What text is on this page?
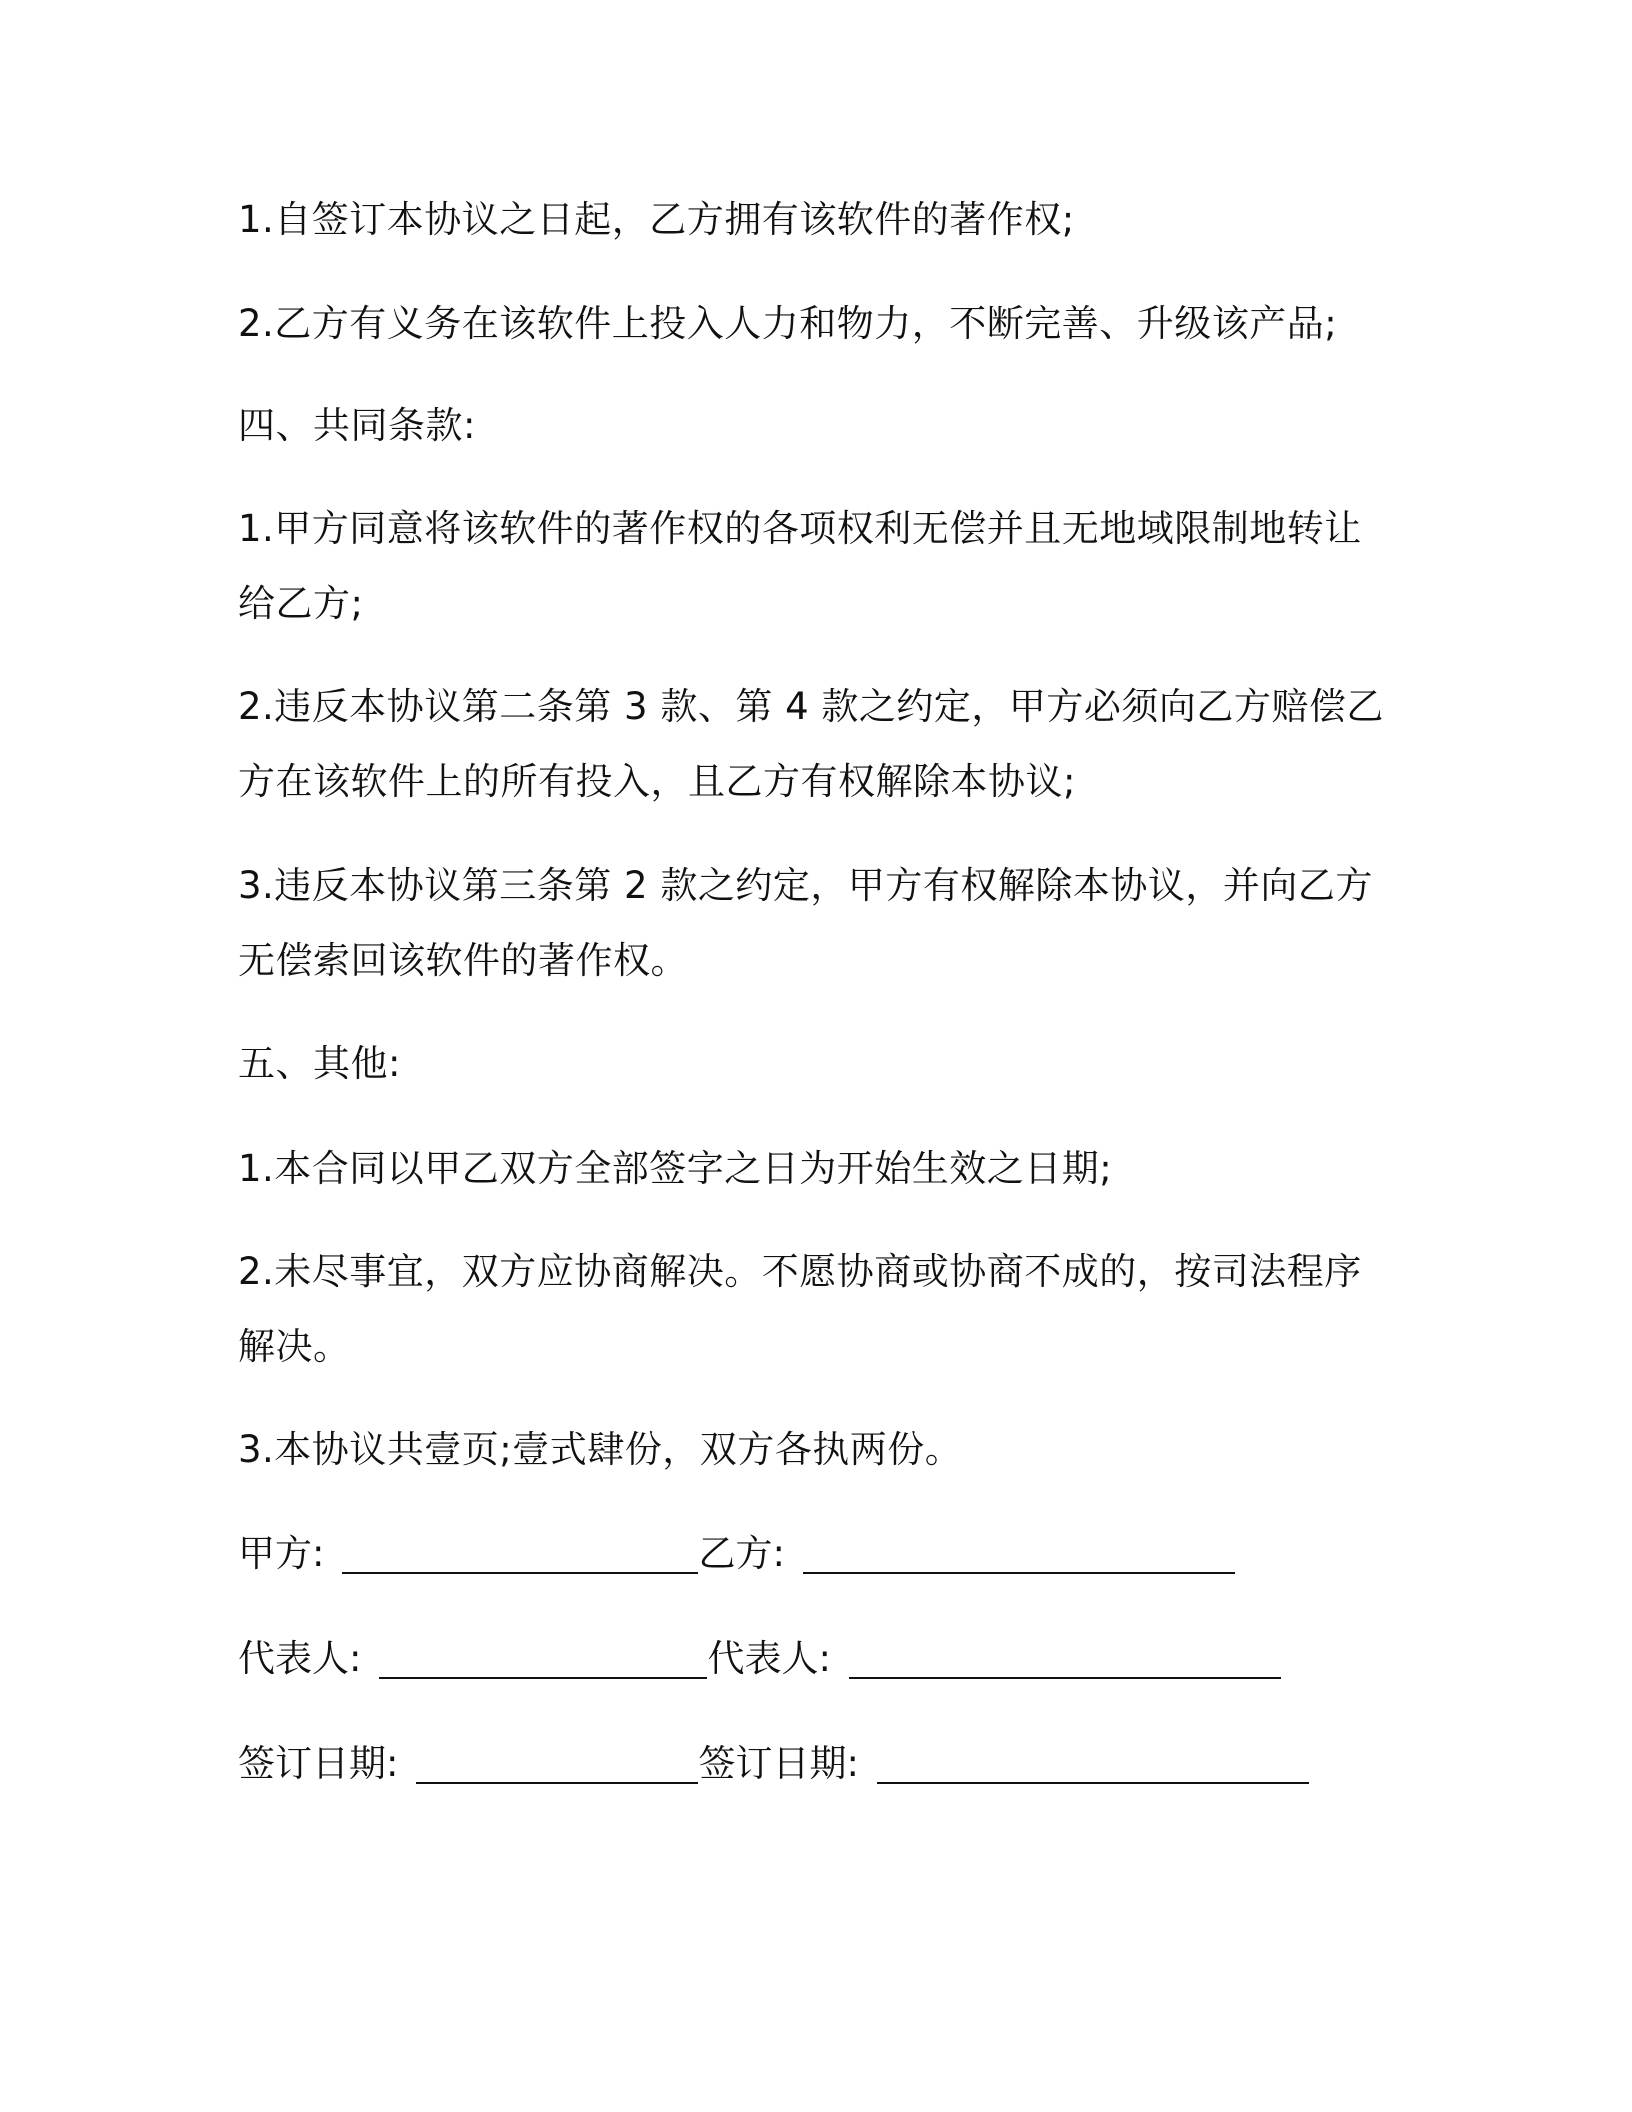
1.自签订本协议之日起，乙方拥有该软件的著作权;
2.乙方有义务在该软件上投入人力和物力，不断完善、升级该产品;
四、共同条款:
1.甲方同意将该软件的著作权的各项权利无偿并且无地域限制地转让
给乙方;
2.违反本协议第二条第 3 款、第 4 款之约定，甲方必须向乙方赔偿乙
方在该软件上的所有投入，且乙方有权解除本协议;
3.违反本协议第三条第 2 款之约定，甲方有权解除本协议，并向乙方
无偿索回该软件的著作权。
五、其他:
1.本合同以甲乙双方全部签字之日为开始生效之日期;
2.未尽事宜，双方应协商解决。不愿协商或协商不成的，按司法程序
解决。
3.本协议共壹页;壹式肆份，双方各执两份。
甲方:	乙方:
代表人:	代表人:
签订日期:	签订日期:
